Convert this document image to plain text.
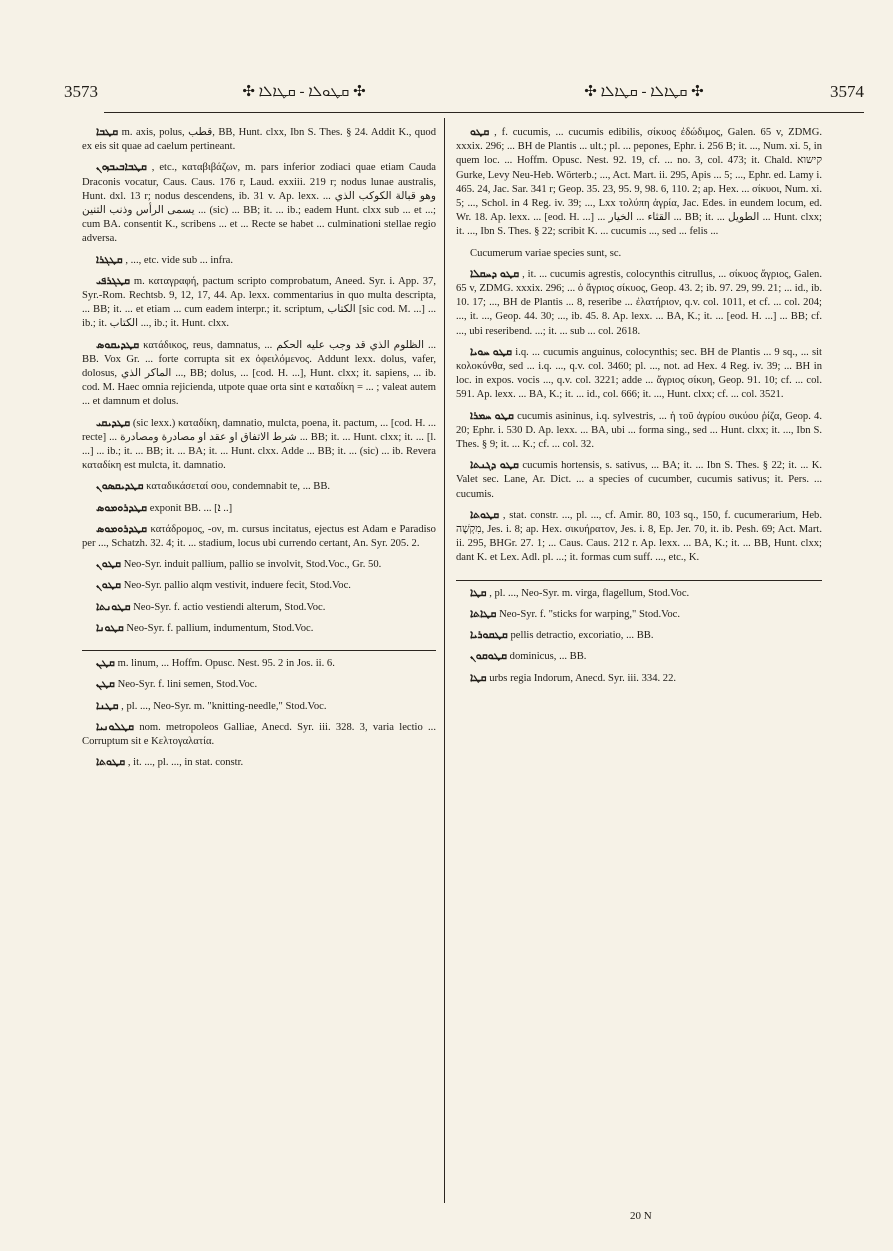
3573	✣ ܩܛܘܠܐ - ܩܛܐܠܐ ✣	✣ ܩܛܐܠܐ - ܩܛܐܠܐ ✣	3574

ܩܛܒܐ m. axis, polus, قطب, BB, Hunt. clxx, Ibn S. Thes. § 24. Addit K., quod ex eis sit quae ad caelum pertineant.

ܩܛܒܐܒܝܒܙܘܢ , etc., καταβιβάζων, m. pars inferior zodiaci quae etiam Cauda Draconis vocatur, Caus. Caus. 176 r, Laud. exxiii. 219 r; nodus lunae australis, Hunt. dxl. 13 r; nodus descendens, ib. 31 v. Ap. lexx. ... وهو قبالة الكوكب الذي يسمى الرأس وذنب التنين ... (sic) ... BB; it. ... ib.; eadem Hunt. clxx sub ... et ...; cum BA. consentit K., scribens ... et ... Recte se habet ... culminationi stellae regio adversa.

ܩܛܓܪܐ , ..., etc. vide sub ... infra.

ܩܛܓܪܦܝ m. καταγραφή, pactum scripto comprobatum, Aneed. Syr. i. App. 37, Syr.-Rom. Rechtsb. 9, 12, 17, 44. Ap. lexx. commentarius in quo multa descripta, ... BB; it. ... et etiam ... cum eadem interpr.; it. scriptum, الكتاب [sic cod. M. ...] ... ib.; it. الكتاب ..., ib.; it. Hunt. clxx.

ܩܛܕܝܩܘܣ κατάδικος, reus, damnatus, ... الظلوم الذي قد وجب عليه الحكم ... BB. Vox Gr. ... forte corrupta sit ex ὀφειλόμενος. Addunt lexx. dolus, vafer, dolosus, الماكر الذي ..., BB; dolus, ... [cod. H. ...], Hunt. clxx; it. sapiens, ... ib. cod. M. Haec omnia rejicienda, utpote quae orta sint e καταδίκη = ... ; valeat autem ... et damnum et dolus.

ܩܛܕܝܩܝ (sic lexx.) καταδίκη, damnatio, mulcta, poena, it. pactum, ... [cod. H. ... recte] ... شرط الاتفاق او عقد او مصادرة ومصادرة ... BB; it. ... Hunt. clxx; it. ... [l. ...] ... ib.; it. ... BB; it. ... BA; it. ... Hunt. clxx. Adde ... BB; it. ... (sic) ... ib. Revera καταδίκη est mulcta, it. damnatio.

ܩܛܕܝܩܣܘܢ καταδικάσεταί σου, condemnabit te, ... BB.

ܩܛܕܪܘܡܘܣ exponit BB. ... [ܐ ..]

ܩܛܕܪܘܡܘܣ κατάδρομος, -ον, m. cursus incitatus, ejectus est Adam e Paradiso per ..., Schatzh. 32. 4; it. ... stadium, locus ubi currendo certant, An. Syr. 205. 2.

ܩܛܘܢ Neo-Syr. induit pallium, pallio se involvit, Stod.Voc., Gr. 50.

ܩܛܘܢ Neo-Syr. pallio alqm vestivit, induere fecit, Stod.Voc.

ܩܛܘܢܬܐ Neo-Syr. f. actio vestiendi alterum, Stod.Voc.

ܩܛܘܢܐ Neo-Syr. f. pallium, indumentum, Stod.Voc.

ܩܛܢ m. linum, ... Hoffm. Opusc. Nest. 95. 2 in Jos. ii. 6.

ܩܛܢ Neo-Syr. f. lini semen, Stod.Voc.

ܩܛܢܐ , pl. ..., Neo-Syr. m. "knitting-needle," Stod.Voc.

ܩܛܠܘܢܝܐ nom. metropoleos Galliae, Anecd. Syr. iii. 328. 3, varia lectio ... Corruptum sit e Κελτογαλατία.

ܩܛܘܬܐ , it. ..., pl. ..., in stat. constr.

ܩܛܘ , f. cucumis, ... cucumis edibilis, σίκυος ἐδώδιμος, Galen. 65 v, ZDMG. xxxix. 296; ... BH de Plantis ... ult.; pl. ... pepones, Ephr. i. 256 B; it. ..., Num. xi. 5, in quem loc. ... Hoffm. Opusc. Nest. 92. 19, cf. ... no. 3, col. 473; it. Chald. קישוא Gurke, Levy Neu-Heb. Wörterb.; ..., Act. Mart. ii. 295, Apis ... 5; ..., Ephr. ed. Lamy i. 465. 24, Jac. Sar. 341 r; Geop. 35. 23, 95. 9, 98. 6, 110. 2; ap. Hex. ... σίκυοι, Num. xi. 5; ..., Schol. in 4 Reg. iv. 39; ..., Lxx τολύπη ἀγρία, Jac. Edes. in eundem locum, ed. Wr. 18. Ap. lexx. ... [eod. H. ...] ... القثاء ... الخيار ... BB; it. ... الطويل ... Hunt. clxx; it. ..., Ibn S. Thes. § 22; scribit K. ... cucumis ..., sed ... felis ...

Cucumerum variae species sunt, sc.

ܩܛܘ ܕܚܩܠܐ , it. ... cucumis agrestis, colocynthis citrullus, ... σίκυος ἄγριος, Galen. 65 v, ZDMG. xxxix. 296; ... ὁ ἄγριος σίκυος, Geop. 43. 2; ib. 97. 29, 99. 21; ... id., ib. 10. 17; ..., BH de Plantis ... 8, reseribe ... ἐλατήριον, q.v. col. 1011, et cf. ... col. 204; ..., it. ..., Geop. 44. 30; ..., ib. 45. 8. Ap. lexx. ... BA, K.; it. ... [eod. H. ...] ... BB; cf. ..., ubi reseribend. ...; it. ... sub ... col. 2618.

ܩܛܘ ܚܘܝܐ i.q. ... cucumis anguinus, colocynthis; sec. BH de Plantis ... 9 sq., ... sit κολοκύνθα, sed ... i.q. ..., q.v. col. 3460; pl. ..., not. ad Hex. 4 Reg. iv. 39; ... BH in loc. in expos. vocis ..., q.v. col. 3221; adde ... ἄγριος σίκυη, Geop. 91. 10; cf. ... col. 591. Ap. lexx. ... BA, K.; it. ... id., col. 666; it. ..., Hunt. clxx; cf. ... col. 3521.

ܩܛܘ ܚܡܪܐ cucumis asininus, i.q. sylvestris, ... ἡ τοῦ ἀγρίου σικύου ῥίζα, Geop. 4. 20; Ephr. i. 530 D. Ap. lexx. ... BA, ubi ... forma sing., sed ... Hunt. clxx; it. ..., Ibn S. Thes. § 9; it. ... K.; cf. ... col. 32.

ܩܛܘ ܕܓܢܬܐ cucumis hortensis, s. sativus, ... BA; it. ... Ibn S. Thes. § 22; it. ... K. Valet sec. Lane, Ar. Dict. ... a species of cucumber, cucumis sativus; it. Pers. ... cucumis.

ܩܛܘܬܐ , stat. constr. ..., pl. ..., cf. Amir. 80, 103 sq., 150, f. cucumerarium, Heb. מִקְשָׁה, Jes. i. 8; ap. Hex. σικυήρατον, Jes. i. 8, Ep. Jer. 70, it. ib. Pesh. 69; Act. Mart. ii. 295, BHGr. 27. 1; ... Caus. Caus. 212 r. Ap. lexx. ... BA, K.; it. ... BB, Hunt. clxx; dant K. et Lex. Adl. pl. ...; it. formas cum suff. ..., etc., K.

ܩܛܐ , pl. ..., Neo-Syr. m. virga, flagellum, Stod.Voc.

ܩܛܐܬܐ Neo-Syr. f. "sticks for warping," Stod.Voc.

ܩܛܩܘܪܝܐ pellis detractio, excoriatio, ... BB.

ܩܛܘܩܘܢ dominicus, ... BB.

ܩܛܐ urbs regia Indorum, Anecd. Syr. iii. 334. 22.

20 N
